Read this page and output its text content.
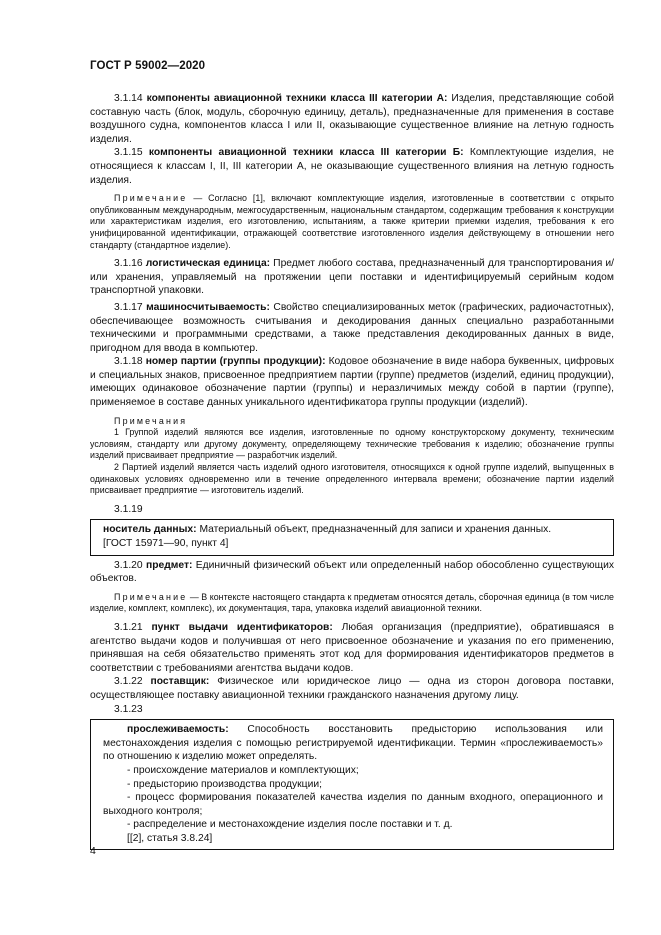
ГОСТ Р 59002—2020

3.1.14 компоненты авиационной техники класса III категории А: Изделия, представляющие собой составную часть (блок, модуль, сборочную единицу, деталь), предназначенные для применения в составе воздушного судна, компонентов класса I или II, оказывающие существенное влияние на летную годность изделия.

3.1.15 компоненты авиационной техники класса III категории Б: Комплектующие изделия, не относящиеся к классам I, II, III категории А, не оказывающие существенного влияния на летную годность изделия.

Примечание — Согласно [1], включают комплектующие изделия, изготовленные в соответствии с открыто опубликованным международным, межгосударственным, национальным стандартом, содержащим требования к конструкции или характеристикам изделия, его изготовлению, испытаниям, а также критерии приемки изделия, требования к его унифицированной идентификации, отражающей соответствие изготовленного изделия действующему в отношении него стандарту (стандартное изделие).

3.1.16 логистическая единица: Предмет любого состава, предназначенный для транспортирования и/или хранения, управляемый на протяжении цепи поставки и идентифицируемый серийным кодом транспортной упаковки.

3.1.17 машиносчитываемость: Свойство специализированных меток (графических, радиочастотных), обеспечивающее возможность считывания и декодирования данных специально разработанными техническими и программными средствами, а также представления декодированных данных в виде, пригодном для ввода в компьютер.

3.1.18 номер партии (группы продукции): Кодовое обозначение в виде набора буквенных, цифровых и специальных знаков, присвоенное предприятием партии (группе) предметов (изделий, единиц продукции), имеющих одинаковое обозначение партии (группы) и неразличимых между собой в партии (группе), применяемое в составе данных уникального идентификатора группы продукции (изделий).

Примечания

1 Группой изделий являются все изделия, изготовленные по одному конструкторскому документу, техническим условиям, стандарту или другому документу, определяющему технические требования к изделию; обозначение группы изделий присваивает предприятие — разработчик изделий.

2 Партией изделий является часть изделий одного изготовителя, относящихся к одной группе изделий, выпущенных в одинаковых условиях одновременно или в течение определенного интервала времени; обозначение партии изделий присваивает предприятие — изготовитель изделий.

3.1.19

носитель данных: Материальный объект, предназначенный для записи и хранения данных.

[ГОСТ 15971—90, пункт 4]

3.1.20 предмет: Единичный физический объект или определенный набор обособленно существующих объектов.

Примечание — В контексте настоящего стандарта к предметам относятся деталь, сборочная единица (в том числе изделие, комплект, комплекс), их документация, тара, упаковка изделий авиационной техники.

3.1.21 пункт выдачи идентификаторов: Любая организация (предприятие), обратившаяся в агентство выдачи кодов и получившая от него присвоенное обозначение и указания по его применению, принявшая на себя обязательство применять этот код для формирования идентификаторов предметов в соответствии с требованиями агентства выдачи кодов.

3.1.22 поставщик: Физическое или юридическое лицо — одна из сторон договора поставки, осуществляющее поставку авиационной техники гражданского назначения другому лицу.

3.1.23

прослеживаемость: Способность восстановить предысторию использования или местонахождения изделия с помощью регистрируемой идентификации. Термин «прослеживаемость» по отношению к изделию может определять.

- происхождение материалов и комплектующих;

- предысторию производства продукции;

- процесс формирования показателей качества изделия по данным входного, операционного и выходного контроля;

- распределение и местонахождение изделия после поставки и т. д.

[[2], статья 3.8.24]

4
